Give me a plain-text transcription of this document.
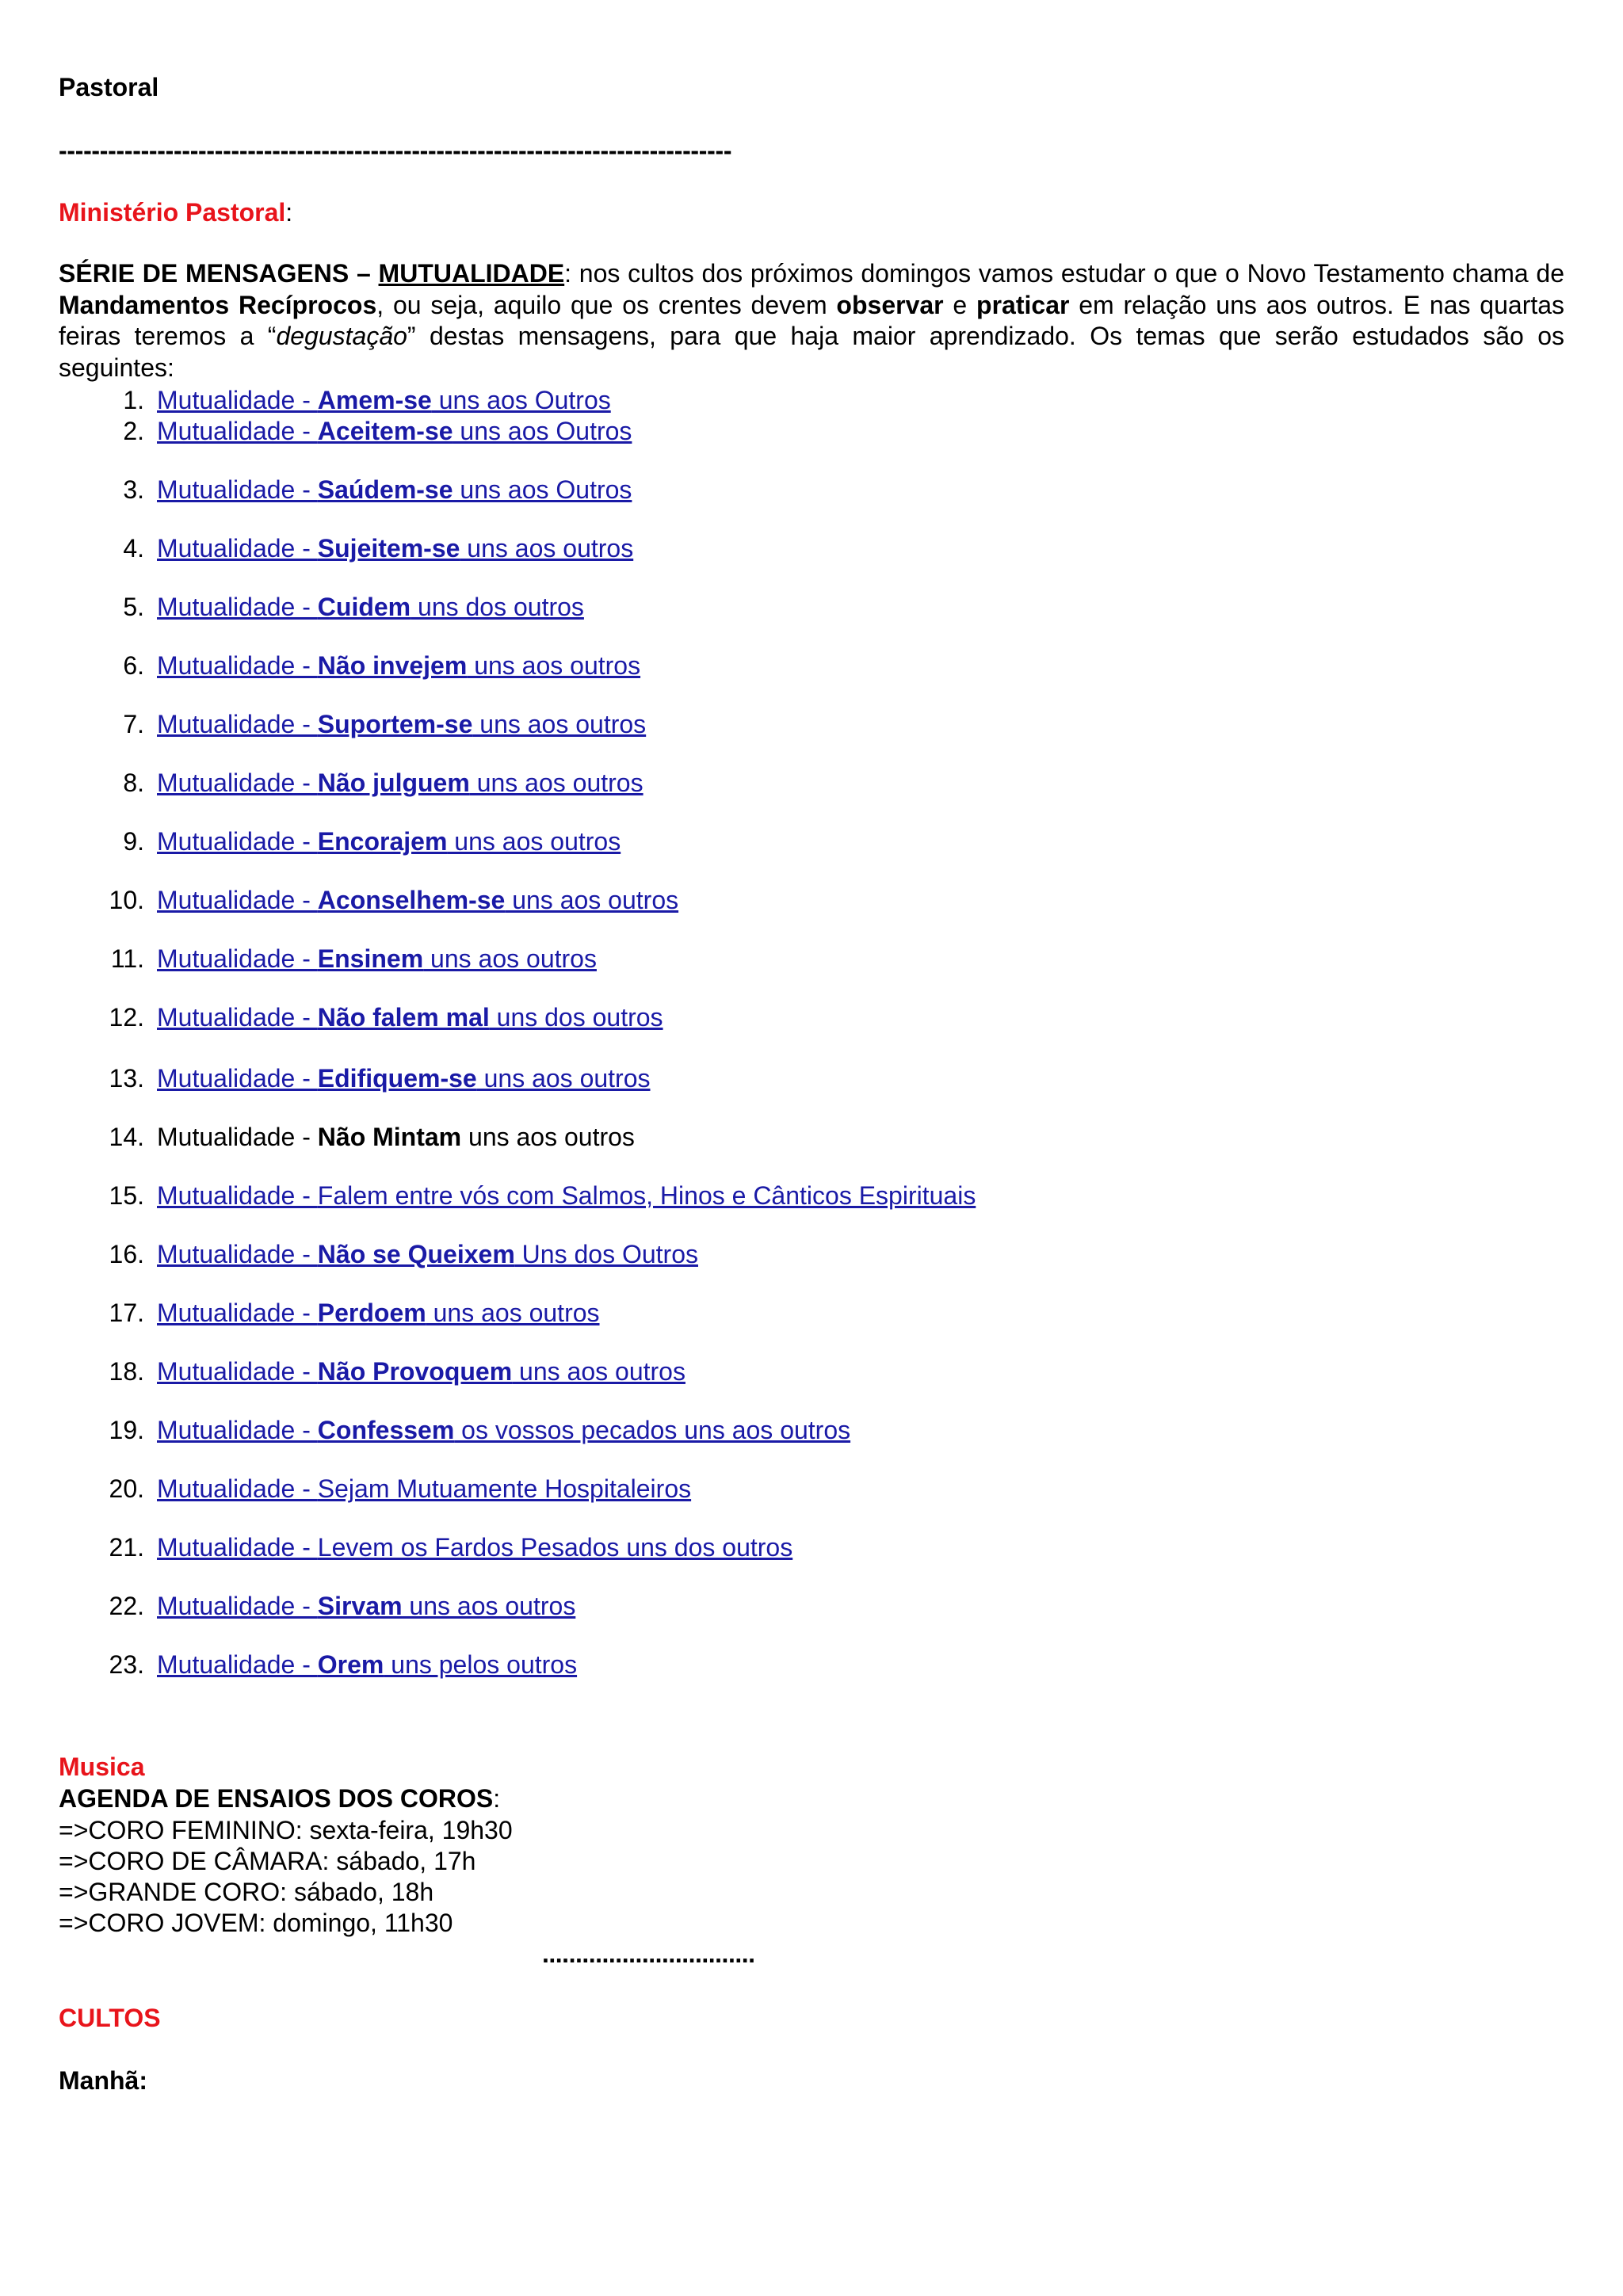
Pastoral
----------------------------------------------------------------------------------
Ministério Pastoral:
SÉRIE DE MENSAGENS – MUTUALIDADE: nos cultos dos próximos domingos vamos estudar o que o Novo Testamento chama de Mandamentos Recíprocos, ou seja, aquilo que os crentes devem observar e praticar em relação uns aos outros. E nas quartas feiras teremos a “degustação” destas mensagens, para que haja maior aprendizado. Os temas que serão estudados são os seguintes:
1. Mutualidade - Amem-se uns aos Outros
2. Mutualidade - Aceitem-se uns aos Outros
3. Mutualidade - Saúdem-se uns aos Outros
4. Mutualidade - Sujeitem-se uns aos outros
5. Mutualidade - Cuidem uns dos outros
6. Mutualidade - Não invejem uns aos outros
7. Mutualidade - Suportem-se uns aos outros
8. Mutualidade - Não julguem uns aos outros
9. Mutualidade - Encorajem uns aos outros
10. Mutualidade - Aconselhem-se uns aos outros
11. Mutualidade - Ensinem uns aos outros
12. Mutualidade - Não falem mal uns dos outros
13. Mutualidade - Edifiquem-se uns aos outros
14. Mutualidade - Não Mintam uns aos outros
15. Mutualidade - Falem entre vós com Salmos, Hinos e Cânticos Espirituais
16. Mutualidade - Não se Queixem Uns dos Outros
17. Mutualidade - Perdoem uns aos outros
18. Mutualidade - Não Provoquem uns aos outros
19. Mutualidade - Confessem os vossos pecados uns aos outros
20. Mutualidade - Sejam Mutuamente Hospitaleiros
21. Mutualidade - Levem os Fardos Pesados uns dos outros
22. Mutualidade - Sirvam uns aos outros
23. Mutualidade - Orem uns pelos outros
Musica
AGENDA DE ENSAIOS DOS COROS:
=>CORO FEMININO: sexta-feira, 19h30
=>CORO DE CÂMARA: sábado, 17h
=>GRANDE CORO: sábado, 18h
=>CORO JOVEM: domingo, 11h30
................................
CULTOS
Manhã:
